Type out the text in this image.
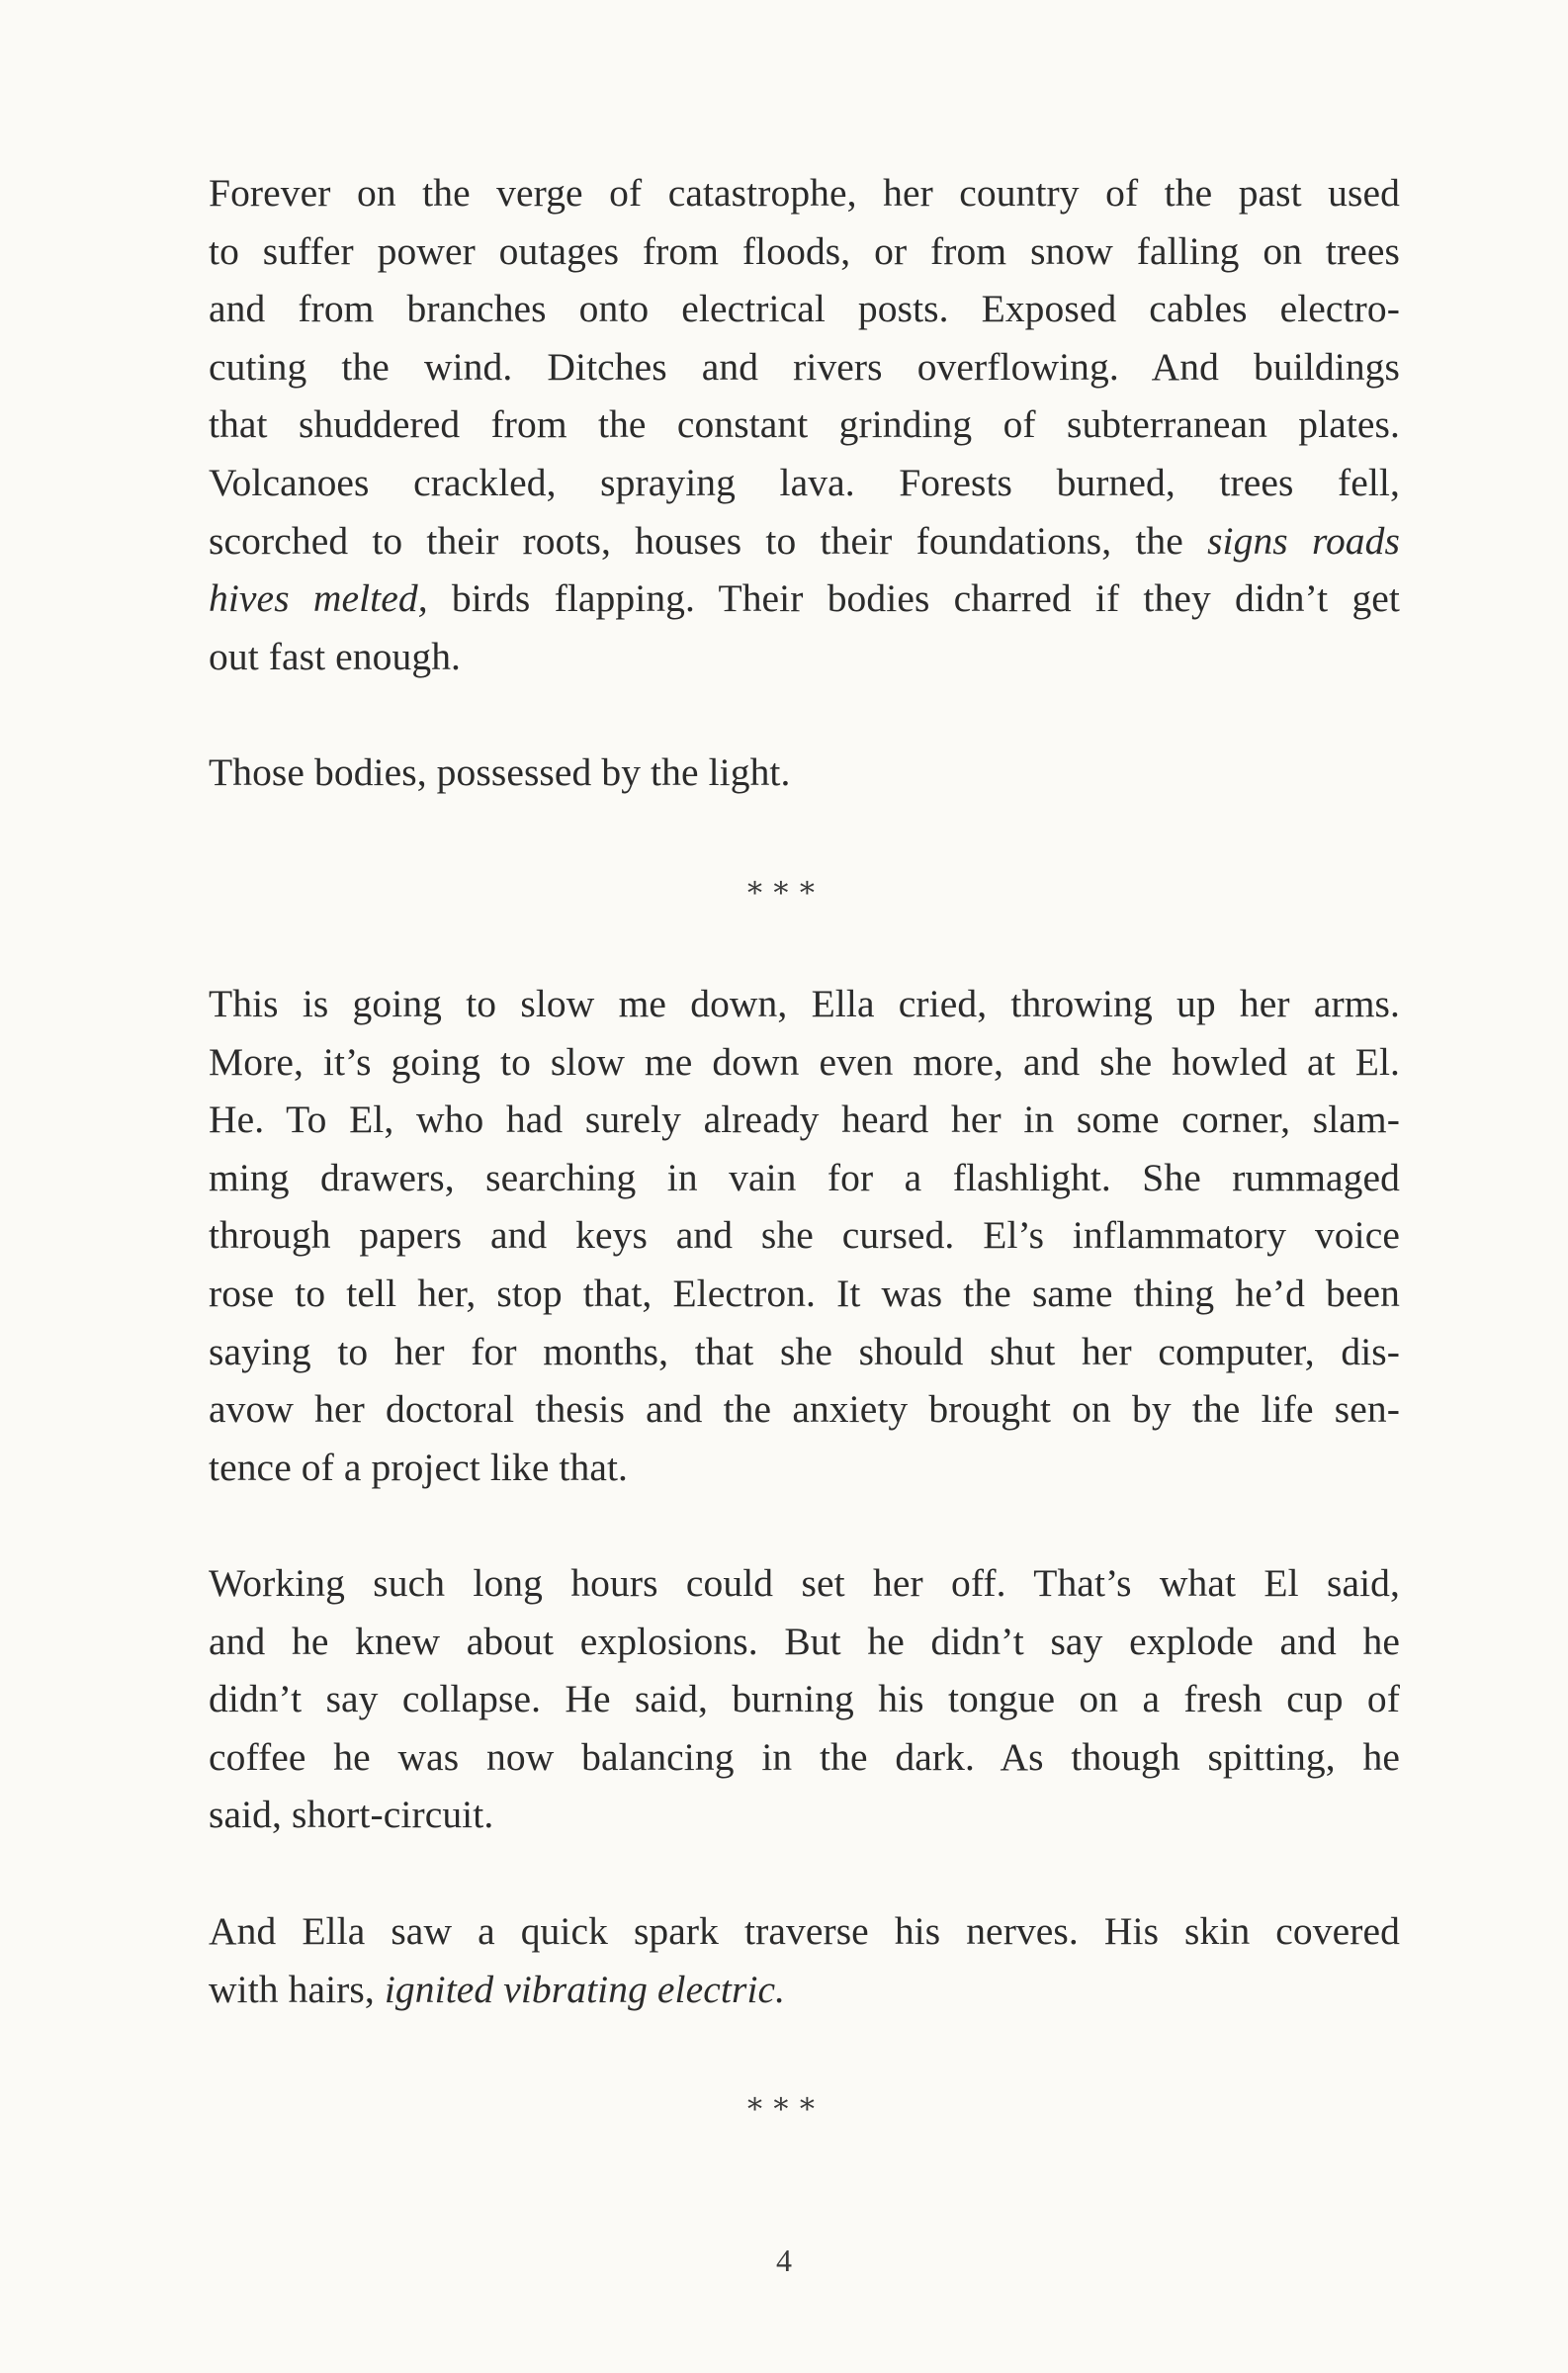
Forever on the verge of catastrophe, her country of the past used
to suffer power outages from floods, or from snow falling on trees
and from branches onto electrical posts. Exposed cables electro-
cuting the wind. Ditches and rivers overflowing. And buildings
that shuddered from the constant grinding of subterranean plates.
Volcanoes crackled, spraying lava. Forests burned, trees fell,
scorched to their roots, houses to their foundations, the signs roads
hives melted, birds flapping. Their bodies charred if they didn’t get
out fast enough.
Those bodies, possessed by the light.
∗∗∗
This is going to slow me down, Ella cried, throwing up her arms.
More, it’s going to slow me down even more, and she howled at El.
He. To El, who had surely already heard her in some corner, slam-
ming drawers, searching in vain for a flashlight. She rummaged
through papers and keys and she cursed. El’s inflammatory voice
rose to tell her, stop that, Electron. It was the same thing he’d been
saying to her for months, that she should shut her computer, dis-
avow her doctoral thesis and the anxiety brought on by the life sen-
tence of a project like that.
Working such long hours could set her off. That’s what El said,
and he knew about explosions. But he didn’t say explode and he
didn’t say collapse. He said, burning his tongue on a fresh cup of
coffee he was now balancing in the dark. As though spitting, he
said, short-circuit.
And Ella saw a quick spark traverse his nerves. His skin covered
with hairs, ignited vibrating electric.
∗∗∗
4
